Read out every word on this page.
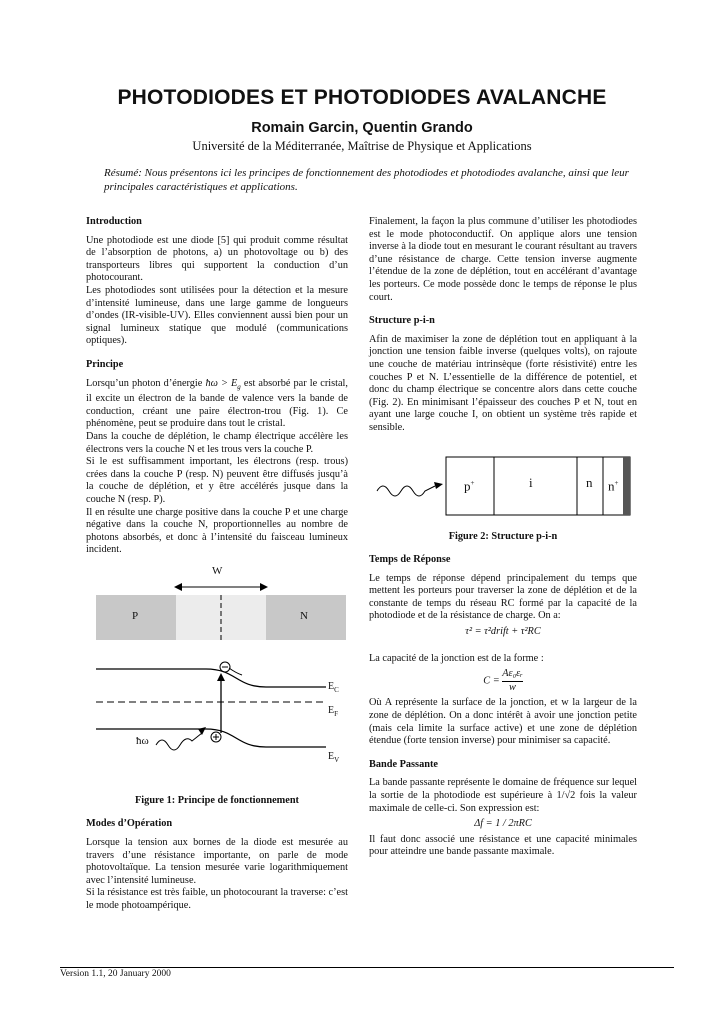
PHOTODIODES ET PHOTODIODES AVALANCHE
Romain Garcin, Quentin Grando
Université de la Méditerranée, Maîtrise de Physique et Applications
Résumé: Nous présentons ici les principes de fonctionnement des photodiodes et photodiodes avalanche, ainsi que leur principales caractéristiques et applications.
Introduction

Une photodiode est une diode [5] qui produit comme résultat de l’absorption de photons, a) un photovoltage ou b) des transporteurs libres qui supportent la conduction d’un photocourant.

Les photodiodes sont utilisées pour la détection et la mesure d’intensité lumineuse, dans une large gamme de longueurs d’ondes (IR-visible-UV). Elles conviennent aussi bien pour un signal lumineux statique que modulé (communications optiques).

Principe

Lorsqu’un photon d’énergie ħω > $E_g$ est absorbé par le cristal, il excite un électron de la bande de valence vers la bande de conduction, créant une paire électron-trou (Fig. 1). Ce phénomène, peut se produire dans tout le cristal.

Dans la couche de déplétion, le champ électrique accélère les électrons vers la couche N et les trous vers la couche P.

Si le est suffisamment important, les électrons (resp. trous) crées dans la couche P (resp. N) peuvent être diffusés jusqu’à la couche de déplétion, et y être accélérés jusque dans la couche N (resp. P).

Il en résulte une charge positive dans la couche P et une charge négative dans la couche N, proportionnelles au nombre de photons absorbés, et donc à l’intensité du faisceau lumineux incident.

W
P	N
$E_C$
$E_F$
$E_V$
ħω
Figure 1: Principe de fonctionnement
Modes d’Opération

Lorsque la tension aux bornes de la diode est mesurée au travers d’une résistance importante, on parle de mode photovoltaïque. La tension mesurée varie logarithmiquement avec l’intensité lumineuse.

Si la résistance est très faible, un photocourant la traverse: c’est le mode photoampérique.

Finalement, la façon la plus commune d’utiliser les photodiodes est le mode photoconductif. On applique alors une tension inverse à la diode tout en mesurant le courant résultant au travers d’une résistance de charge. Cette tension inverse augmente l’étendue de la zone de déplétion, tout en accélérant d’avantage les porteurs. Ce mode possède donc le temps de réponse le plus court.

Structure p-i-n

Afin de maximiser la zone de déplétion tout en appliquant à la jonction une tension faible inverse (quelques volts), on rajoute une couche de matériau intrinsèque (forte résistivité) entre les couches P et N. L’essentielle de la différence de potentiel, et donc du champ électrique se concentre alors dans cette couche (Fig. 2). En minimisant l’épaisseur des couches P et N, tout en ayant une large couche I, on obtient un système très rapide et sensible.

p+	i	n n+
Figure 2: Structure p-i-n
Temps de Réponse

Le temps de réponse dépend principalement du temps que mettent les porteurs pour traverser la zone de déplétion et de la constante de temps du réseau RC formé par la capacité de la photodiode et de la résistance de charge. On a:

τ² = τ²drift + τ²RC

La capacité de la jonction est de la forme :

$C = \frac{\text{Aε₀εᵣ}}{w}$

Où A représente la surface de la jonction, et w la largeur de la zone de déplétion. On a donc intérêt à avoir une jonction petite (mais cela limite la surface active) et une zone de déplétion étendue (forte tension inverse) pour minimiser sa capacité.

Bande Passante

La bande passante représente le domaine de fréquence sur lequel la sortie de la photodiode est supérieure à 1/√2 fois la valeur maximale de celle-ci. Son expression est:

Δf = 1 / 2πRC

Il faut donc associé une résistance et une capacité minimales pour atteindre une bande passante maximale.

Version 1.1, 20 January 2000
